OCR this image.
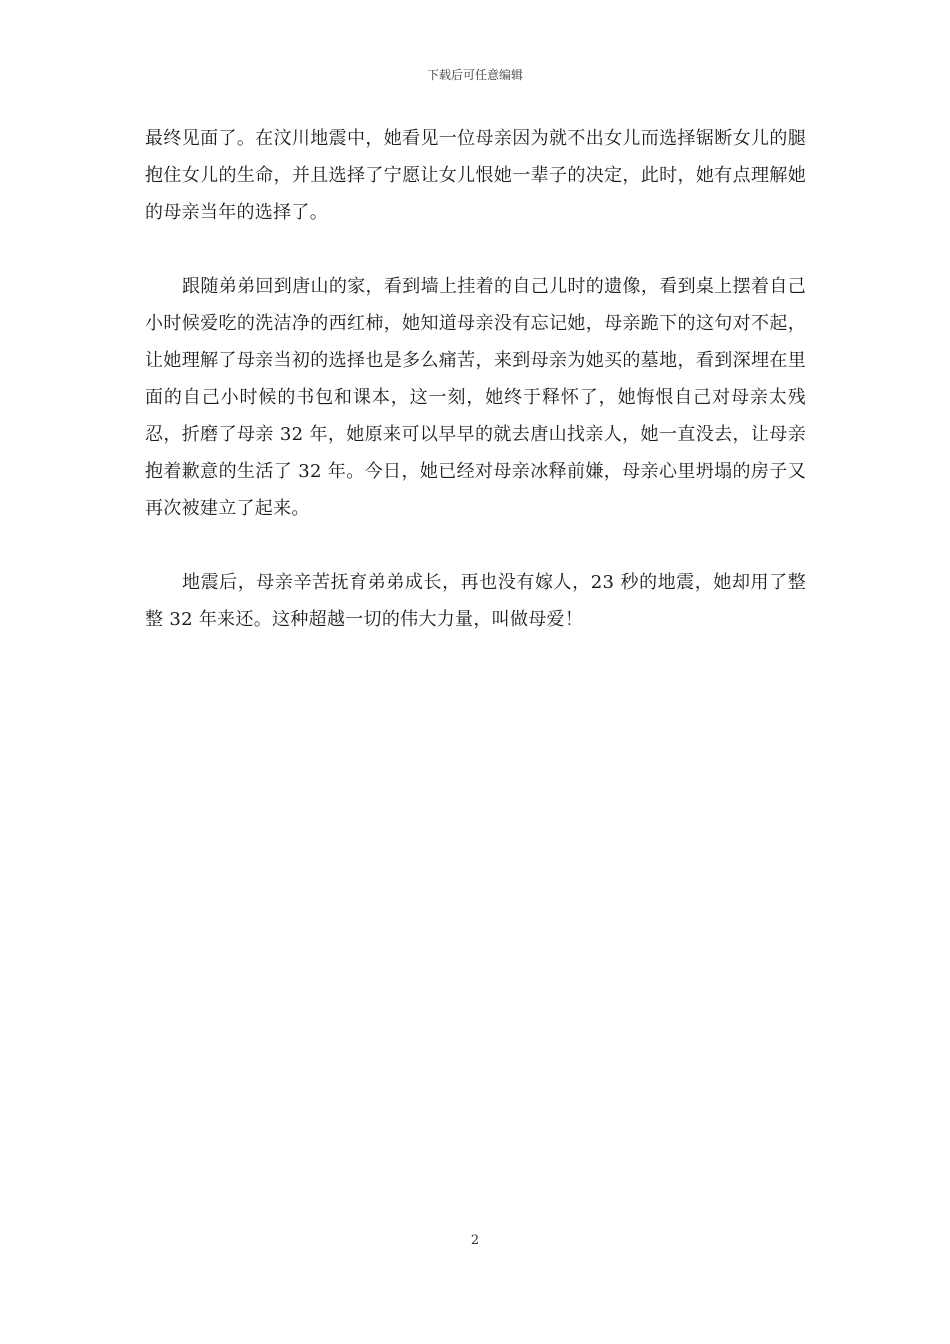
下载后可任意编辑

最终见面了。在汶川地震中，她看见一位母亲因为就不出女儿而选择锯断女儿的腿抱住女儿的生命，并且选择了宁愿让女儿恨她一辈子的决定，此时，她有点理解她的母亲当年的选择了。

跟随弟弟回到唐山的家，看到墙上挂着的自己儿时的遗像，看到桌上摆着自己小时候爱吃的洗洁净的西红柿，她知道母亲没有忘记她，母亲跪下的这句对不起，让她理解了母亲当初的选择也是多么痛苦，来到母亲为她买的墓地，看到深埋在里面的自己小时候的书包和课本，这一刻，她终于释怀了，她悔恨自己对母亲太残忍，折磨了母亲 32 年，她原来可以早早的就去唐山找亲人，她一直没去，让母亲抱着歉意的生活了 32 年。今日，她已经对母亲冰释前嫌，母亲心里坍塌的房子又再次被建立了起来。

地震后，母亲辛苦抚育弟弟成长，再也没有嫁人，23 秒的地震，她却用了整整 32 年来还。这种超越一切的伟大力量，叫做母爱！

2
